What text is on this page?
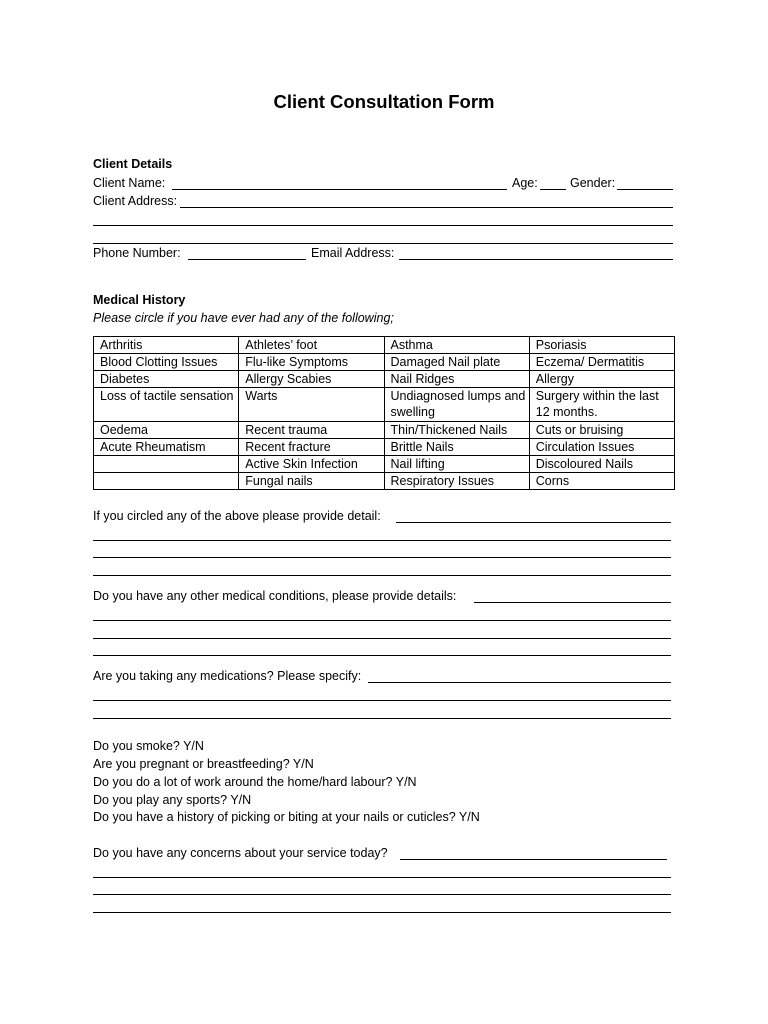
Client Consultation Form
Client Details
Client Name:	Age:	Gender:
Client Address:
Phone Number:	Email Address:
Medical History
Please circle if you have ever had any of the following;
Arthritis	Athletes’ foot	Asthma	Psoriasis
Blood Clotting Issues	Flu-like Symptoms	Damaged Nail plate	Eczema/ Dermatitis
Diabetes	Allergy Scabies	Nail Ridges	Allergy
Loss of tactile sensation	Warts	Undiagnosed lumps and swelling	Surgery within the last 12 months.
Oedema	Recent trauma	Thin/Thickened Nails	Cuts or bruising
Acute Rheumatism	Recent fracture	Brittle Nails	Circulation Issues
	Active Skin Infection	Nail lifting	Discoloured Nails
	Fungal nails	Respiratory Issues	Corns
If you circled any of the above please provide detail:
Do you have any other medical conditions, please provide details:
Are you taking any medications? Please specify:
Do you smoke? Y/N
Are you pregnant or breastfeeding? Y/N
Do you do a lot of work around the home/hard labour? Y/N
Do you play any sports? Y/N
Do you have a history of picking or biting at your nails or cuticles? Y/N
Do you have any concerns about your service today?
